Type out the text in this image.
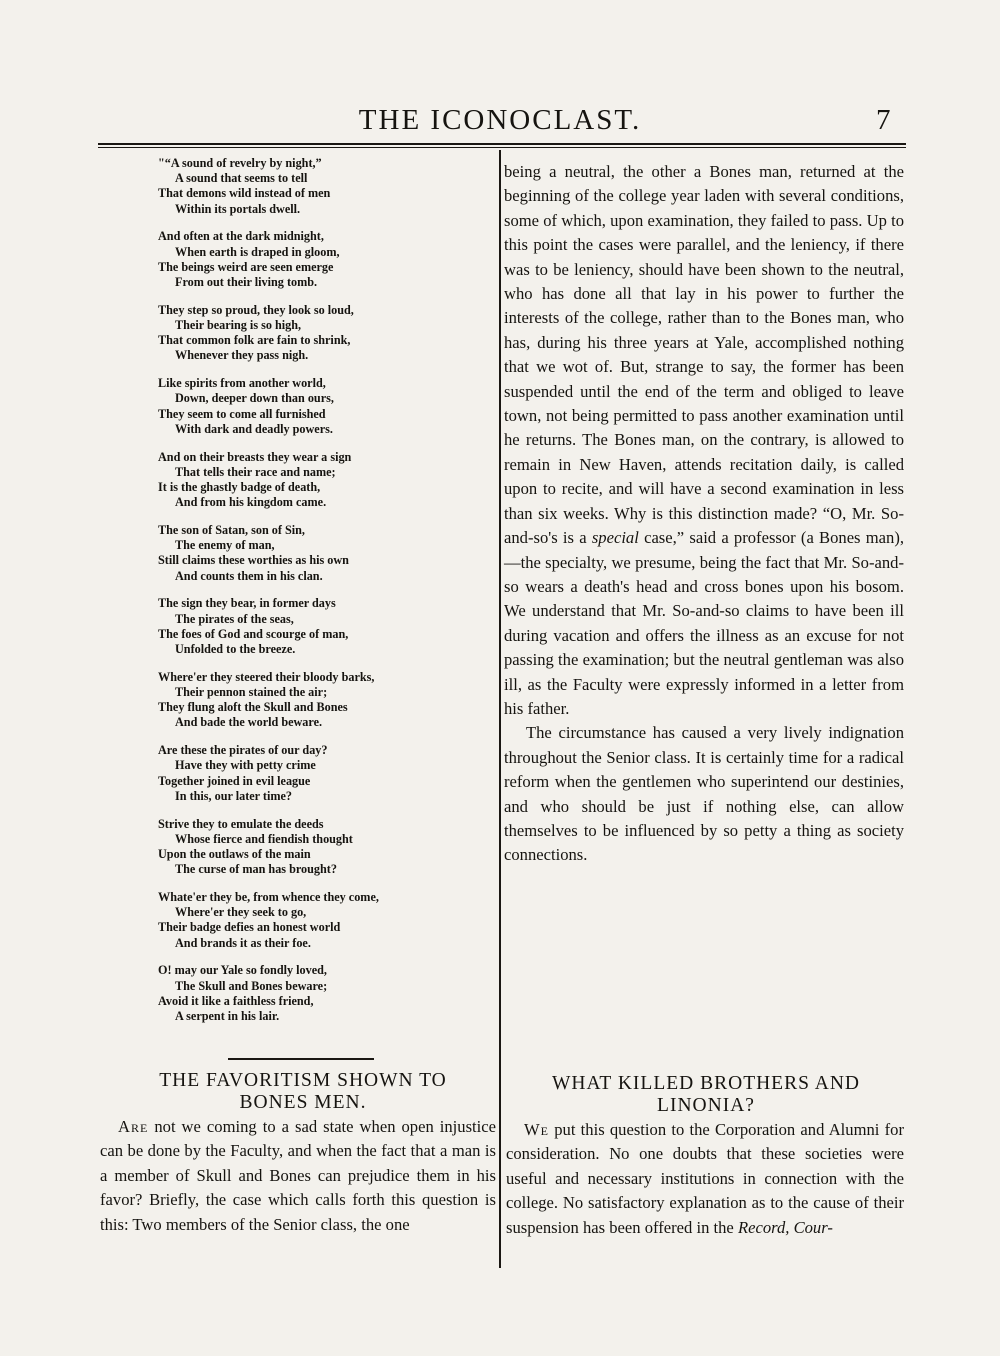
THE ICONOCLAST.	7
"“A sound of revelry by night,”
A sound that seems to tell
That demons wild instead of men
Within its portals dwell.
And often at the dark midnight,
When earth is draped in gloom,
The beings weird are seen emerge
From out their living tomb.
They step so proud, they look so loud,
Their bearing is so high,
That common folk are fain to shrink,
Whenever they pass nigh.
Like spirits from another world,
Down, deeper down than ours,
They seem to come all furnished
With dark and deadly powers.
And on their breasts they wear a sign
That tells their race and name;
It is the ghastly badge of death,
And from his kingdom came.
The son of Satan, son of Sin,
The enemy of man,
Still claims these worthies as his own
And counts them in his clan.
The sign they bear, in former days
The pirates of the seas,
The foes of God and scourge of man,
Unfolded to the breeze.
Where'er they steered their bloody barks,
Their pennon stained the air;
They flung aloft the Skull and Bones
And bade the world beware.
Are these the pirates of our day?
Have they with petty crime
Together joined in evil league
In this, our later time?
Strive they to emulate the deeds
Whose fierce and fiendish thought
Upon the outlaws of the main
The curse of man has brought?
Whate'er they be, from whence they come,
Where'er they seek to go,
Their badge defies an honest world
And brands it as their foe.
O! may our Yale so fondly loved,
The Skull and Bones beware;
Avoid it like a faithless friend,
A serpent in his lair.
THE FAVORITISM SHOWN TO
BONES MEN.

Are not we coming to a sad state when open injustice can be done by the Faculty, and when the fact that a man is a member of Skull and Bones can prejudice them in his favor? Briefly, the case which calls forth this question is this: Two members of the Senior class, the one

being a neutral, the other a Bones man, returned at the beginning of the college year laden with several conditions, some of which, upon examination, they failed to pass. Up to this point the cases were parallel, and the leniency, if there was to be leniency, should have been shown to the neutral, who has done all that lay in his power to further the interests of the college, rather than to the Bones man, who has, during his three years at Yale, accomplished nothing that we wot of. But, strange to say, the former has been suspended until the end of the term and obliged to leave town, not being permitted to pass another examination until he returns. The Bones man, on the contrary, is allowed to remain in New Haven, attends recitation daily, is called upon to recite, and will have a second examination in less than six weeks. Why is this distinction made? “O, Mr. So-and-so's is a special case,” said a professor (a Bones man),—the specialty, we presume, being the fact that Mr. So-and-so wears a death's head and cross bones upon his bosom. We understand that Mr. So-and-so claims to have been ill during vacation and offers the illness as an excuse for not passing the examination; but the neutral gentleman was also ill, as the Faculty were expressly informed in a letter from his father.

The circumstance has caused a very lively indignation throughout the Senior class. It is certainly time for a radical reform when the gentlemen who superintend our destinies, and who should be just if nothing else, can allow themselves to be influenced by so petty a thing as society connections.

WHAT KILLED BROTHERS AND
LINONIA?

We put this question to the Corporation and Alumni for consideration. No one doubts that these societies were useful and necessary institutions in connection with the college. No satisfactory explanation as to the cause of their suspension has been offered in the Record, Cour-
